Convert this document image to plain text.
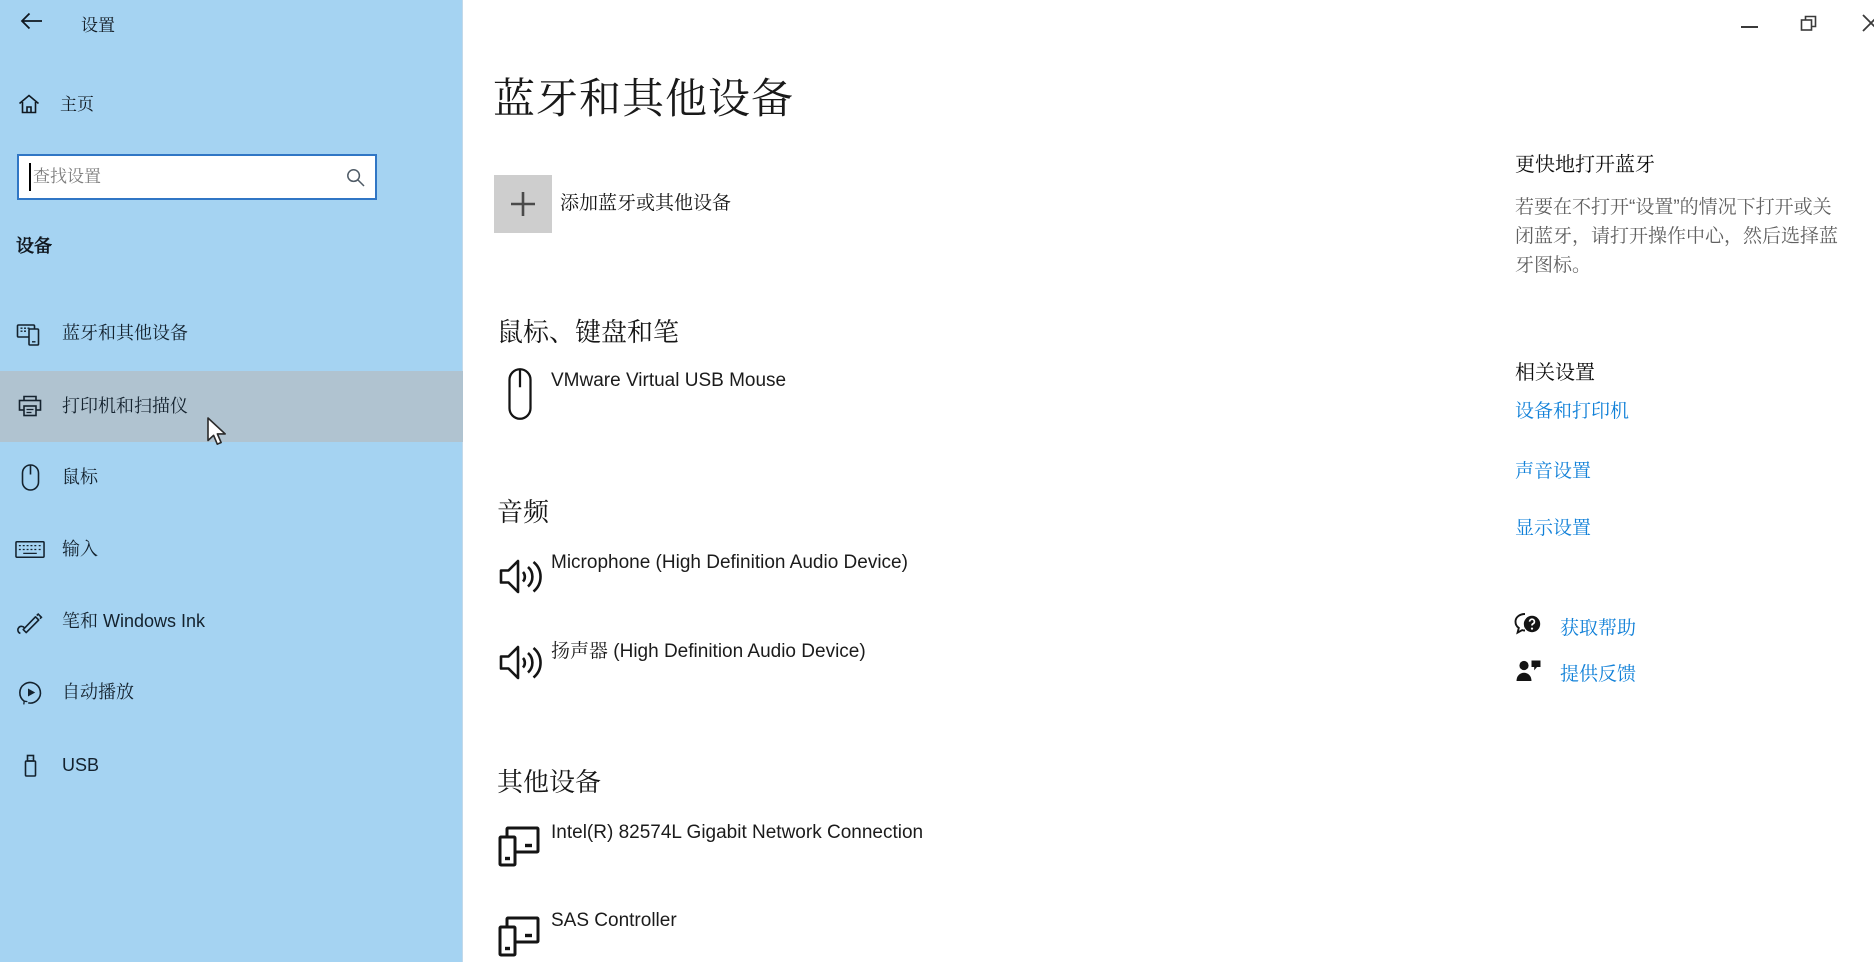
设置
主页
查找设置
设备
蓝牙和其他设备
打印机和扫描仪
鼠标
输入
笔和 Windows Ink
自动播放
USB
蓝牙和其他设备
添加蓝牙或其他设备
鼠标、键盘和笔
VMware Virtual USB Mouse
音频
Microphone (High Definition Audio Device)
扬声器 (High Definition Audio Device)
其他设备
Intel(R) 82574L Gigabit Network Connection
SAS Controller
更快地打开蓝牙
若要在不打开“设置”的情况下打开或关
闭蓝牙，请打开操作中心，然后选择蓝
牙图标。
相关设置
设备和打印机
声音设置
显示设置
获取帮助
提供反馈
